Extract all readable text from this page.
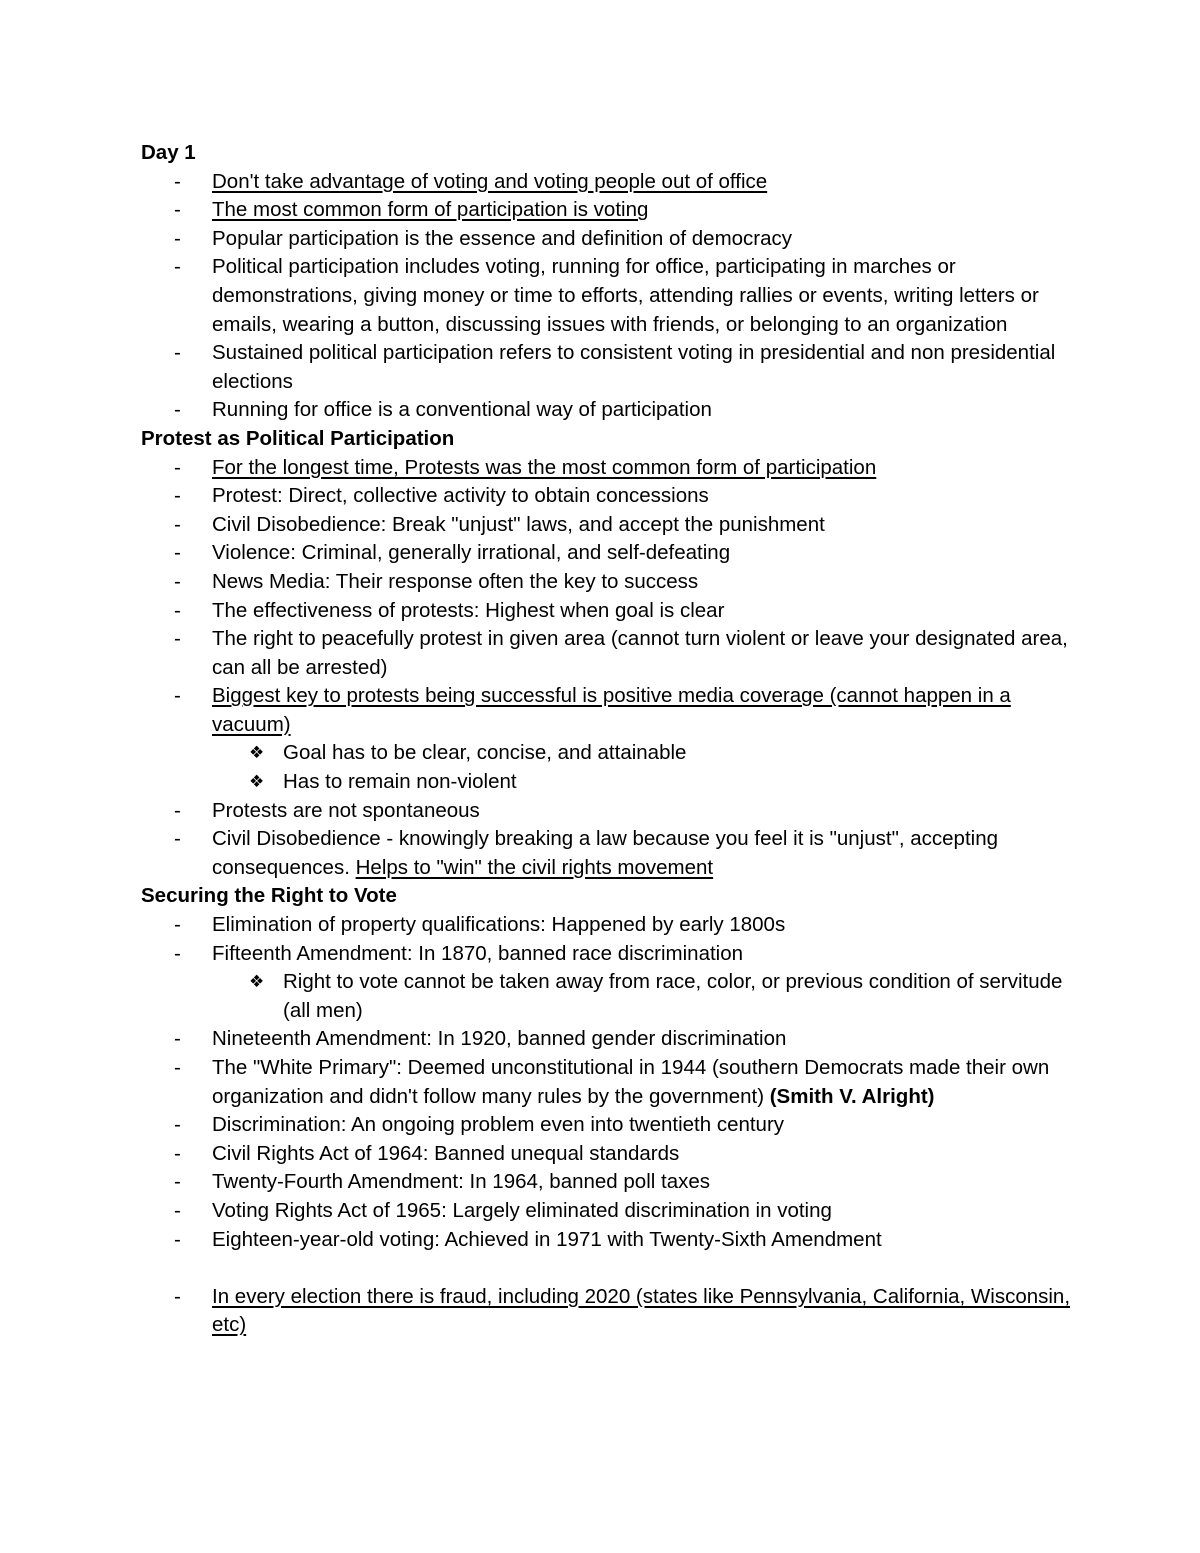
Day 1
- Don't take advantage of voting and voting people out of office
- The most common form of participation is voting
- Popular participation is the essence and definition of democracy
- Political participation includes voting, running for office, participating in marches or demonstrations, giving money or time to efforts, attending rallies or events, writing letters or emails, wearing a button, discussing issues with friends, or belonging to an organization
- Sustained political participation refers to consistent voting in presidential and non presidential elections
- Running for office is a conventional way of participation
Protest as Political Participation
- For the longest time, Protests was the most common form of participation
- Protest: Direct, collective activity to obtain concessions
- Civil Disobedience: Break "unjust" laws, and accept the punishment
- Violence: Criminal, generally irrational, and self-defeating
- News Media: Their response often the key to success
- The effectiveness of protests: Highest when goal is clear
- The right to peacefully protest in given area (cannot turn violent or leave your designated area, can all be arrested)
- Biggest key to protests being successful is positive media coverage (cannot happen in a vacuum)
❖ Goal has to be clear, concise, and attainable
❖ Has to remain non-violent
- Protests are not spontaneous
- Civil Disobedience - knowingly breaking a law because you feel it is "unjust", accepting consequences. Helps to "win" the civil rights movement
Securing the Right to Vote
- Elimination of property qualifications: Happened by early 1800s
- Fifteenth Amendment: In 1870, banned race discrimination
❖ Right to vote cannot be taken away from race, color, or previous condition of servitude (all men)
- Nineteenth Amendment: In 1920, banned gender discrimination
- The "White Primary": Deemed unconstitutional in 1944 (southern Democrats made their own organization and didn't follow many rules by the government) (Smith V. Alright)
- Discrimination: An ongoing problem even into twentieth century
- Civil Rights Act of 1964: Banned unequal standards
- Twenty-Fourth Amendment: In 1964, banned poll taxes
- Voting Rights Act of 1965: Largely eliminated discrimination in voting
- Eighteen-year-old voting: Achieved in 1971 with Twenty-Sixth Amendment
- In every election there is fraud, including 2020 (states like Pennsylvania, California, Wisconsin, etc)
